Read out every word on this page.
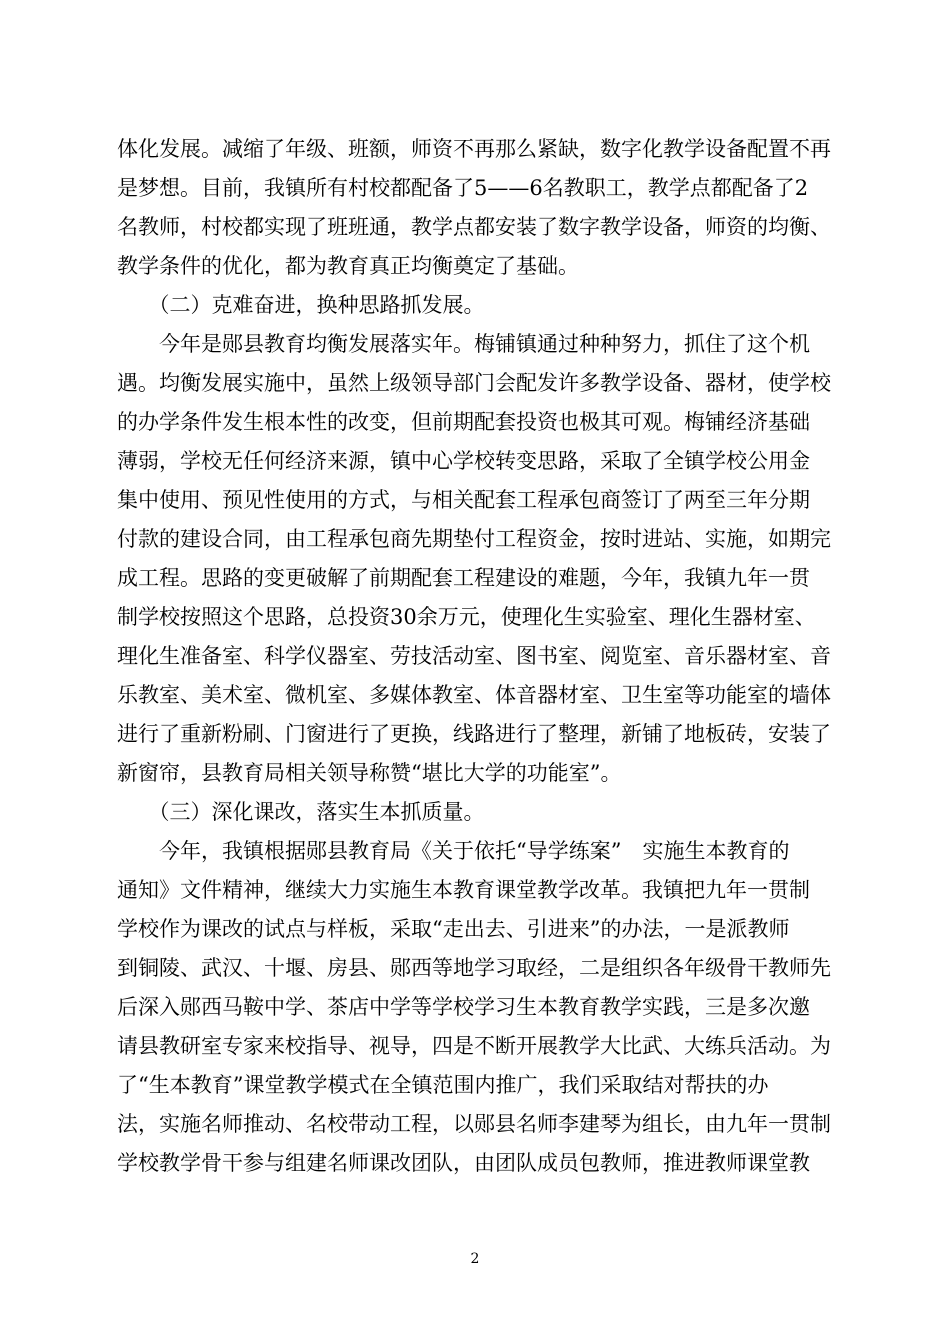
体化发展。减缩了年级、班额，师资不再那么紧缺，数字化教学设备配置不再
是梦想。目前，我镇所有村校都配备了5——6名教职工，教学点都配备了2
名教师，村校都实现了班班通，教学点都安装了数字教学设备，师资的均衡、
教学条件的优化，都为教育真正均衡奠定了基础。
　　（二）克难奋进，换种思路抓发展。
　　今年是郧县教育均衡发展落实年。梅铺镇通过种种努力，抓住了这个机
遇。均衡发展实施中，虽然上级领导部门会配发许多教学设备、器材，使学校
的办学条件发生根本性的改变，但前期配套投资也极其可观。梅铺经济基础
薄弱，学校无任何经济来源，镇中心学校转变思路，采取了全镇学校公用金
集中使用、预见性使用的方式，与相关配套工程承包商签订了两至三年分期
付款的建设合同，由工程承包商先期垫付工程资金，按时进站、实施，如期完
成工程。思路的变更破解了前期配套工程建设的难题，今年，我镇九年一贯
制学校按照这个思路，总投资30余万元，使理化生实验室、理化生器材室、
理化生准备室、科学仪器室、劳技活动室、图书室、阅览室、音乐器材室、音
乐教室、美术室、微机室、多媒体教室、体音器材室、卫生室等功能室的墙体
进行了重新粉刷、门窗进行了更换，线路进行了整理，新铺了地板砖，安装了
新窗帘，县教育局相关领导称赞“堪比大学的功能室”。
　　（三）深化课改，落实生本抓质量。
　　今年，我镇根据郧县教育局《关于依托“导学练案”　实施生本教育的
通知》文件精神，继续大力实施生本教育课堂教学改革。我镇把九年一贯制
学校作为课改的试点与样板，采取“走出去、引进来”的办法，一是派教师
到铜陵、武汉、十堰、房县、郧西等地学习取经，二是组织各年级骨干教师先
后深入郧西马鞍中学、茶店中学等学校学习生本教育教学实践，三是多次邀
请县教研室专家来校指导、视导，四是不断开展教学大比武、大练兵活动。为
了“生本教育”课堂教学模式在全镇范围内推广，我们采取结对帮扶的办
法，实施名师推动、名校带动工程，以郧县名师李建琴为组长，由九年一贯制
学校教学骨干参与组建名师课改团队，由团队成员包教师，推进教师课堂教
2
